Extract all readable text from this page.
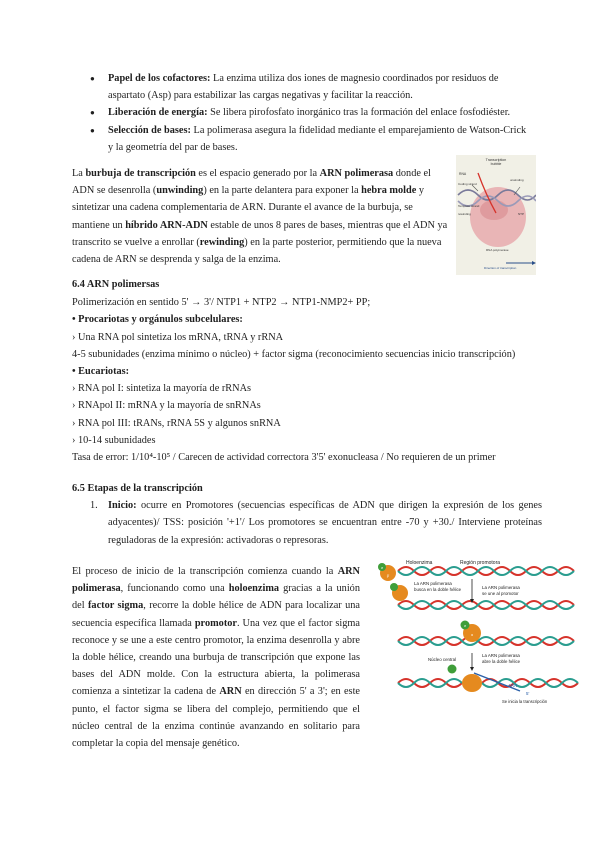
● Papel de los cofactores: La enzima utiliza dos iones de magnesio coordinados por residuos de aspartato (Asp) para estabilizar las cargas negativas y facilitar la reacción.
● Liberación de energía: Se libera pirofosfato inorgánico tras la formación del enlace fosfodiéster.
● Selección de bases: La polimerasa asegura la fidelidad mediante el emparejamiento de Watson-Crick y la geometría del par de bases.

La burbuja de transcripción es el espacio generado por la ARN polimerasa donde el ADN se desenrolla (unwinding) en la parte delantera para exponer la hebra molde y sintetizar una cadena complementaria de ARN. Durante el avance de la burbuja, se mantiene un híbrido ARN-ADN estable de unos 8 pares de bases, mientras que el ADN ya transcrito se vuelve a enrollar (rewinding) en la parte posterior, permitiendo que la nueva cadena de ARN se desprenda y salga de la enzima.

Transcription
bubble
RNA
Coding strand
Template strand
unwinding
rewinding	NTP
RNA polymerase
Direction of transcription
6.4 ARN polimersas
Polimerización en sentido 5' → 3'/ NTP1 + NTP2 → NTP1-NMP2+ PP;
• Procariotas y orgánulos subcelulares:
› Una RNA pol sintetiza los mRNA, tRNA y rRNA
4-5 subunidades (enzima mínimo o núcleo) + factor sigma (reconocimiento secuencias inicio transcripción)
• Eucariotas:
› RNA pol I: sintetiza la mayoría de rRNAs
› RNApol II: mRNA y la mayoría de snRNAs
› RNA pol III: tRANs, rRNA 5S y algunos snRNA
› 10-14 subunidades
Tasa de error: 1/10⁴-10⁵ / Carecen de actividad correctora 3'5' exonucleasa / No requieren de un primer
6.5 Etapas de la transcripción
1. Inicio: ocurre en Promotores (secuencias específicas de ADN que dirigen la expresión de los genes adyacentes)/ TSS: posición '+1'/ Los promotores se encuentran entre -70 y +30./ Interviene proteínas reguladoras de la expresión: activadoras o represoras.

El proceso de inicio de la transcripción comienza cuando la ARN polimerasa, funcionando como una holoenzima gracias a la unión del factor sigma, recorre la doble hélice de ADN para localizar una secuencia específica llamada promotor. Una vez que el factor sigma reconoce y se une a este centro promotor, la enzima desenrolla y abre la doble hélice, creando una burbuja de transcripción que expone las bases del ADN molde. Con la estructura abierta, la polimerasa comienza a sintetizar la cadena de ARN en dirección 5' a 3'; en este punto, el factor sigma se libera del complejo, permitiendo que el núcleo central de la enzima continúe avanzando en solitario para completar la copia del mensaje genético.

Holoenzima	Región promotora
σ
β'
La ARN polimerasa
busca en la doble hélice	La ARN polimerasa
se une al promotor
σ
α
La ARN polimerasa
abre la doble hélice
Núcleo central
ARN
5'
Se inicia la transcripción
